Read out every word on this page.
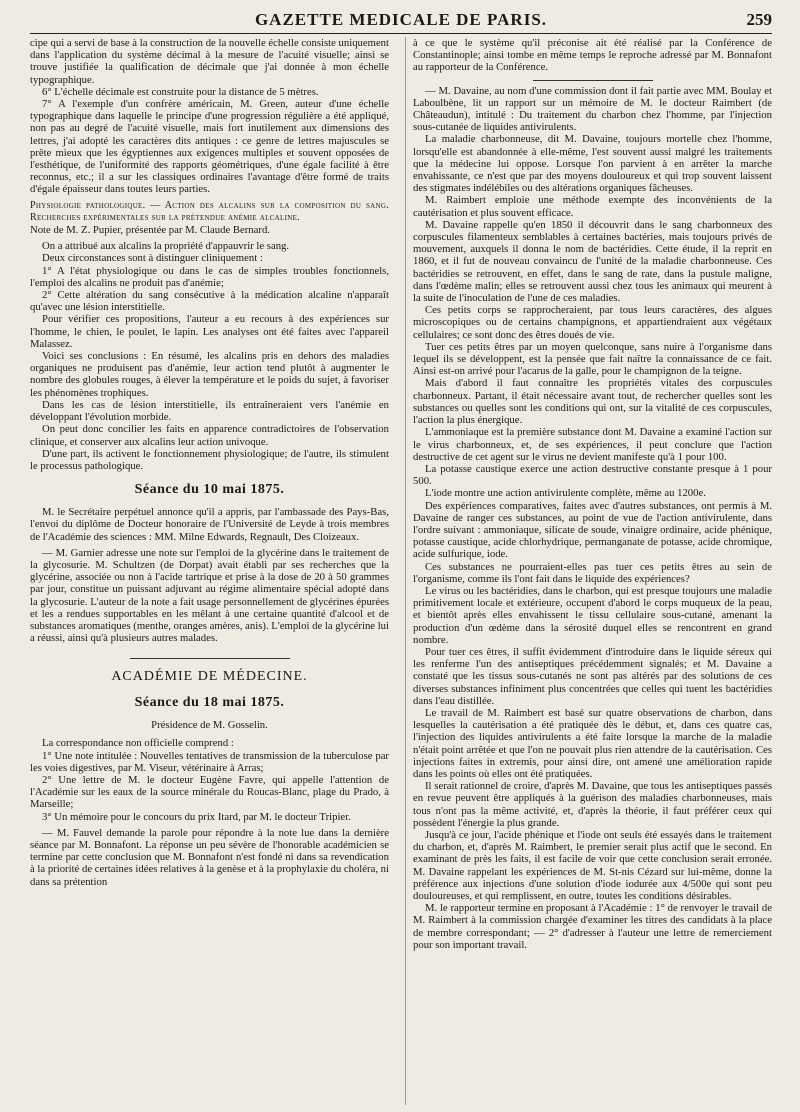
GAZETTE MEDICALE DE PARIS.	259

cipe qui a servi de base à la construction de la nouvelle échelle consiste uniquement dans l'application du système décimal à la mesure de l'acuité visuelle; ainsi se trouve justifiée la qualification de décimale que j'ai donnée à mon échelle typographique.

6° L'échelle décimale est construite pour la distance de 5 mètres.

7° A l'exemple d'un confrère américain, M. Green, auteur d'une échelle typographique dans laquelle le principe d'une progression régulière a été appliqué, non pas au degré de l'acuité visuelle, mais fort inutilement aux dimensions des lettres, j'ai adopté les caractères dits antiques : ce genre de lettres majuscules se prête mieux que les égyptiennes aux exigences multiples et souvent opposées de l'esthétique, de l'uniformité des rapports géométriques, d'une égale facilité à être reconnus, etc.; il a sur les classiques ordinaires l'avantage d'être formé de traits d'égale épaisseur dans toutes leurs parties.

Physiologie pathologique. — Action des alcalins sur la composition du sang. Recherches expérimentales sur la prétendue anémie alcaline.

Note de M. Z. Pupier, présentée par M. Claude Bernard.

On a attribué aux alcalins la propriété d'appauvrir le sang.

Deux circonstances sont à distinguer cliniquement :

1° A l'état physiologique ou dans le cas de simples troubles fonctionnels, l'emploi des alcalins ne produit pas d'anémie;

2° Cette altération du sang consécutive à la médication alcaline n'apparaît qu'avec une lésion interstitielle.

Pour vérifier ces propositions, l'auteur a eu recours à des expériences sur l'homme, le chien, le poulet, le lapin. Les analyses ont été faites avec l'appareil Malassez.

Voici ses conclusions : En résumé, les alcalins pris en dehors des maladies organiques ne produisent pas d'anémie, leur action tend plutôt à augmenter le nombre des globules rouges, à élever la température et le poids du sujet, à favoriser les phénomènes trophiques.

Dans les cas de lésion interstitielle, ils entraîneraient vers l'anémie en développant l'évolution morbide.

On peut donc concilier les faits en apparence contradictoires de l'observation clinique, et conserver aux alcalins leur action univoque.

D'une part, ils activent le fonctionnement physiologique; de l'autre, ils stimulent le processus pathologique.

Séance du 10 mai 1875.

M. le Secrétaire perpétuel annonce qu'il a appris, par l'ambassade des Pays-Bas, l'envoi du diplôme de Docteur honoraire de l'Université de Leyde à trois membres de l'Académie des sciences : MM. Milne Edwards, Regnault, Des Cloizeaux.

— M. Garnier adresse une note sur l'emploi de la glycérine dans le traitement de la glycosurie. M. Schultzen (de Dorpat) avait établi par ses recherches que la glycérine, associée ou non à l'acide tartrique et prise à la dose de 20 à 50 grammes par jour, constitue un puissant adjuvant au régime alimentaire spécial adopté dans la glycosurie. L'auteur de la note a fait usage personnellement de glycérines épurées et les a rendues supportables en les mêlant à une certaine quantité d'alcool et de substances aromatiques (menthe, oranges amères, anis). L'emploi de la glycérine lui a réussi, ainsi qu'à plusieurs autres malades.

ACADÉMIE DE MÉDECINE.
Séance du 18 mai 1875.
Présidence de M. Gosselin.

La correspondance non officielle comprend :

1° Une note intitulée : Nouvelles tentatives de transmission de la tuberculose par les voies digestives, par M. Viseur, vétérinaire à Arras;

2° Une lettre de M. le docteur Eugène Favre, qui appelle l'attention de l'Académie sur les eaux de la source minérale du Roucas-Blanc, plage du Prado, à Marseille;

3° Un mémoire pour le concours du prix Itard, par M. le docteur Tripier.

— M. Fauvel demande la parole pour répondre à la note lue dans la dernière séance par M. Bonnafont. La réponse un peu sévère de l'honorable académicien se termine par cette conclusion que M. Bonnafont n'est fondé ni dans sa revendication à la priorité de certaines idées relatives à la genèse et à la prophylaxie du choléra, ni dans sa prétention

à ce que le système qu'il préconise ait été réalisé par la Conférence de Constantinople; ainsi tombe en même temps le reproche adressé par M. Bonnafont au rapporteur de la Conférence.

— M. Davaine, au nom d'une commission dont il fait partie avec MM. Boulay et Laboulbène, lit un rapport sur un mémoire de M. le docteur Raimbert (de Châteaudun), intitulé : Du traitement du charbon chez l'homme, par l'injection sous-cutanée de liquides antivirulents.

La maladie charbonneuse, dit M. Davaine, toujours mortelle chez l'homme, lorsqu'elle est abandonnée à elle-même, l'est souvent aussi malgré les traitements que la médecine lui oppose. Lorsque l'on parvient à en arrêter la marche envahissante, ce n'est que par des moyens douloureux et qui trop souvent laissent des stigmates indélébiles ou des altérations organiques fâcheuses.

M. Raimbert emploie une méthode exempte des inconvénients de la cautérisation et plus souvent efficace.

M. Davaine rappelle qu'en 1850 il découvrit dans le sang charbonneux des corpuscules filamenteux semblables à certaines bactéries, mais toujours privés de mouvement, auxquels il donna le nom de bactéridies. Cette étude, il la reprit en 1860, et il fut de nouveau convaincu de l'unité de la maladie charbonneuse. Ces bactéridies se retrouvent, en effet, dans le sang de rate, dans la pustule maligne, dans l'œdème malin; elles se retrouvent aussi chez tous les animaux qui meurent à la suite de l'inoculation de l'une de ces maladies.

Ces petits corps se rapprocheraient, par tous leurs caractères, des algues microscopiques ou de certains champignons, et appartiendraient aux végétaux cellulaires; ce sont donc des êtres doués de vie.

Tuer ces petits êtres par un moyen quelconque, sans nuire à l'organisme dans lequel ils se développent, est la pensée que fait naître la connaissance de ce fait. Ainsi est-on arrivé pour l'acarus de la galle, pour le champignon de la teigne.

Mais d'abord il faut connaître les propriétés vitales des corpuscules charbonneux. Partant, il était nécessaire avant tout, de rechercher quelles sont les substances ou quelles sont les conditions qui ont, sur la vitalité de ces corpuscules, l'action la plus énergique.

L'ammoniaque est la première substance dont M. Davaine a examiné l'action sur le virus charbonneux, et, de ses expériences, il peut conclure que l'action destructive de cet agent sur le virus ne devient manifeste qu'à 1 pour 100.

La potasse caustique exerce une action destructive constante presque à 1 pour 500.

L'iode montre une action antivirulente complète, même au 1200e.

Des expériences comparatives, faites avec d'autres substances, ont permis à M. Davaine de ranger ces substances, au point de vue de l'action antivirulente, dans l'ordre suivant : ammoniaque, silicate de soude, vinaigre ordinaire, acide phénique, potasse caustique, acide chlorhydrique, permanganate de potasse, acide chromique, acide sulfurique, iode.

Ces substances ne pourraient-elles pas tuer ces petits êtres au sein de l'organisme, comme ils l'ont fait dans le liquide des expériences?

Le virus ou les bactéridies, dans le charbon, qui est presque toujours une maladie primitivement locale et extérieure, occupent d'abord le corps muqueux de la peau, et bientôt après elles envahissent le tissu cellulaire sous-cutané, amenant la production d'un œdème dans la sérosité duquel elles se rencontrent en grand nombre.

Pour tuer ces êtres, il suffit évidemment d'introduire dans le liquide séreux qui les renferme l'un des antiseptiques précédemment signalés; et M. Davaine a constaté que les tissus sous-cutanés ne sont pas altérés par des solutions de ces diverses substances infiniment plus concentrées que celles qui tuent les bactéridies dans l'eau distillée.

Le travail de M. Raimbert est basé sur quatre observations de charbon, dans lesquelles la cautérisation a été pratiquée dès le début, et, dans ces quatre cas, l'injection des liquides antivirulents a été faite lorsque la marche de la maladie n'était point arrêtée et que l'on ne pouvait plus rien attendre de la cautérisation. Ces injections faites in extremis, pour ainsi dire, ont amené une amélioration rapide dans les points où elles ont été pratiquées.

Il serait rationnel de croire, d'après M. Davaine, que tous les antiseptiques passés en revue peuvent être appliqués à la guérison des maladies charbonneuses, mais tous n'ont pas la même activité, et, d'après la théorie, il faut préférer ceux qui possèdent l'énergie la plus grande.

Jusqu'à ce jour, l'acide phénique et l'iode ont seuls été essayés dans le traitement du charbon, et, d'après M. Raimbert, le premier serait plus actif que le second. En examinant de près les faits, il est facile de voir que cette conclusion serait erronée. M. Davaine rappelant les expériences de M. St-nis Cézard sur lui-même, donne la préférence aux injections d'une solution d'iode iodurée aux 4/500e qui sont peu douloureuses, et qui remplissent, en outre, toutes les conditions désirables.

M. le rapporteur termine en proposant à l'Académie : 1° de renvoyer le travail de M. Raimbert à la commission chargée d'examiner les titres des candidats à la place de membre correspondant; — 2° d'adresser à l'auteur une lettre de remerciement pour son important travail.
